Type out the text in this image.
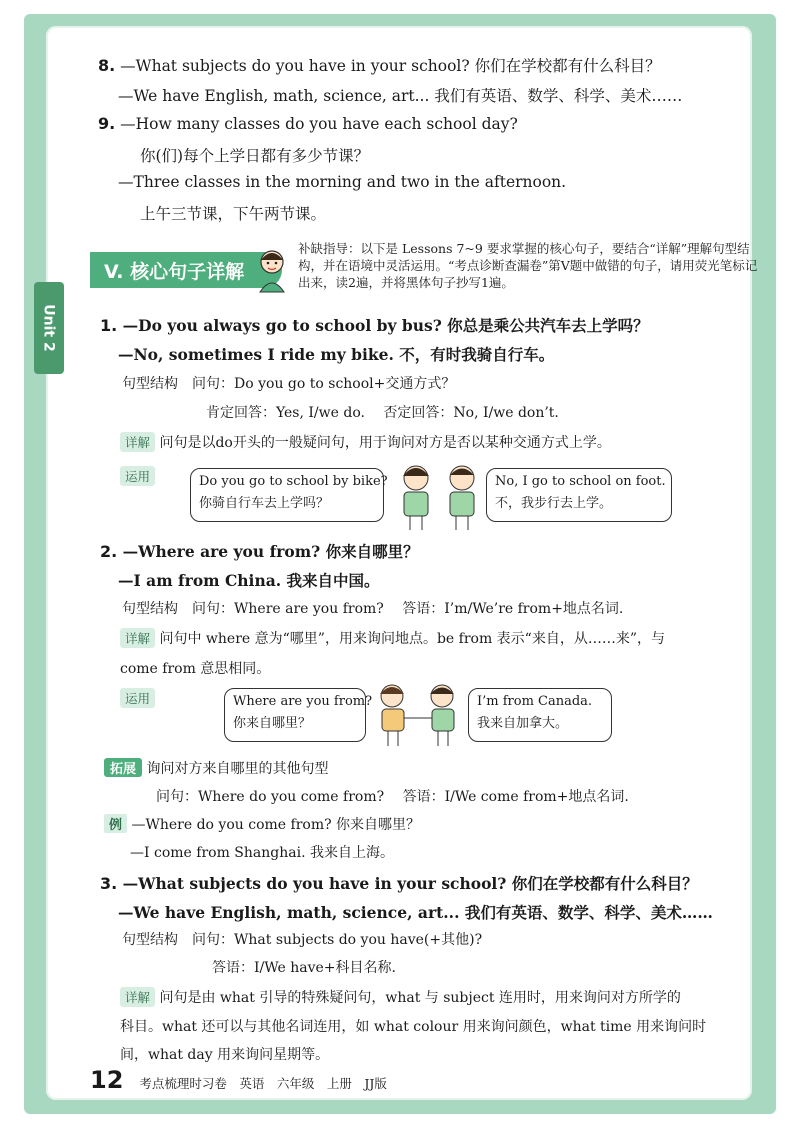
Unit 2
8. —What subjects do you have in your school? 你们在学校都有什么科目？
—We have English, math, science, art... 我们有英语、数学、科学、美术……
9. —How many classes do you have each school day?
你(们)每个上学日都有多少节课？
—Three classes in the morning and two in the afternoon.
上午三节课，下午两节课。
V. 核心句子详解
补缺指导：以下是 Lessons 7~9 要求掌握的核心句子，要结合“详解”理解句型结构，并在语境中灵活运用。“考点诊断查漏卷”第Ⅴ题中做错的句子，请用荧光笔标记出来，读2遍，并将黑体句子抄写1遍。
1. —Do you always go to school by bus? 你总是乘公共汽车去上学吗？
—No, sometimes I ride my bike. 不，有时我骑自行车。
句型结构　 问句：Do you go to school+交通方式？
肯定回答：Yes, I/we do.　 否定回答：No, I/we don’t.
详解 问句是以do开头的一般疑问句，用于询问对方是否以某种交通方式上学。
运用	Do you go to school by bike?
你骑自行车去上学吗？
No, I go to school on foot.
不，我步行去上学。
2. —Where are you from? 你来自哪里？
—I am from China. 我来自中国。
句型结构　 问句：Where are you from?　 答语：I’m/We’re from+地点名词.
详解 问句中 where 意为“哪里”，用来询问地点。be from 表示“来自，从……来”，与
come from 意思相同。
运用	Where are you from?
你来自哪里？
I’m from Canada.
我来自加拿大。
拓展 询问对方来自哪里的其他句型
问句：Where do you come from?　 答语：I/We come from+地点名词.
例 —Where do you come from? 你来自哪里？
—I come from Shanghai. 我来自上海。
3. —What subjects do you have in your school? 你们在学校都有什么科目？
—We have English, math, science, art... 我们有英语、数学、科学、美术……
句型结构　 问句：What subjects do you have(+其他)?
答语：I/We have+科目名称.
详解 问句是由 what 引导的特殊疑问句，what 与 subject 连用时，用来询问对方所学的
科目。what 还可以与其他名词连用，如 what colour 用来询问颜色，what time 用来询问时
间，what day 用来询问星期等。
12 考点梳理时习卷　英语　六年级　上册　JJ版
